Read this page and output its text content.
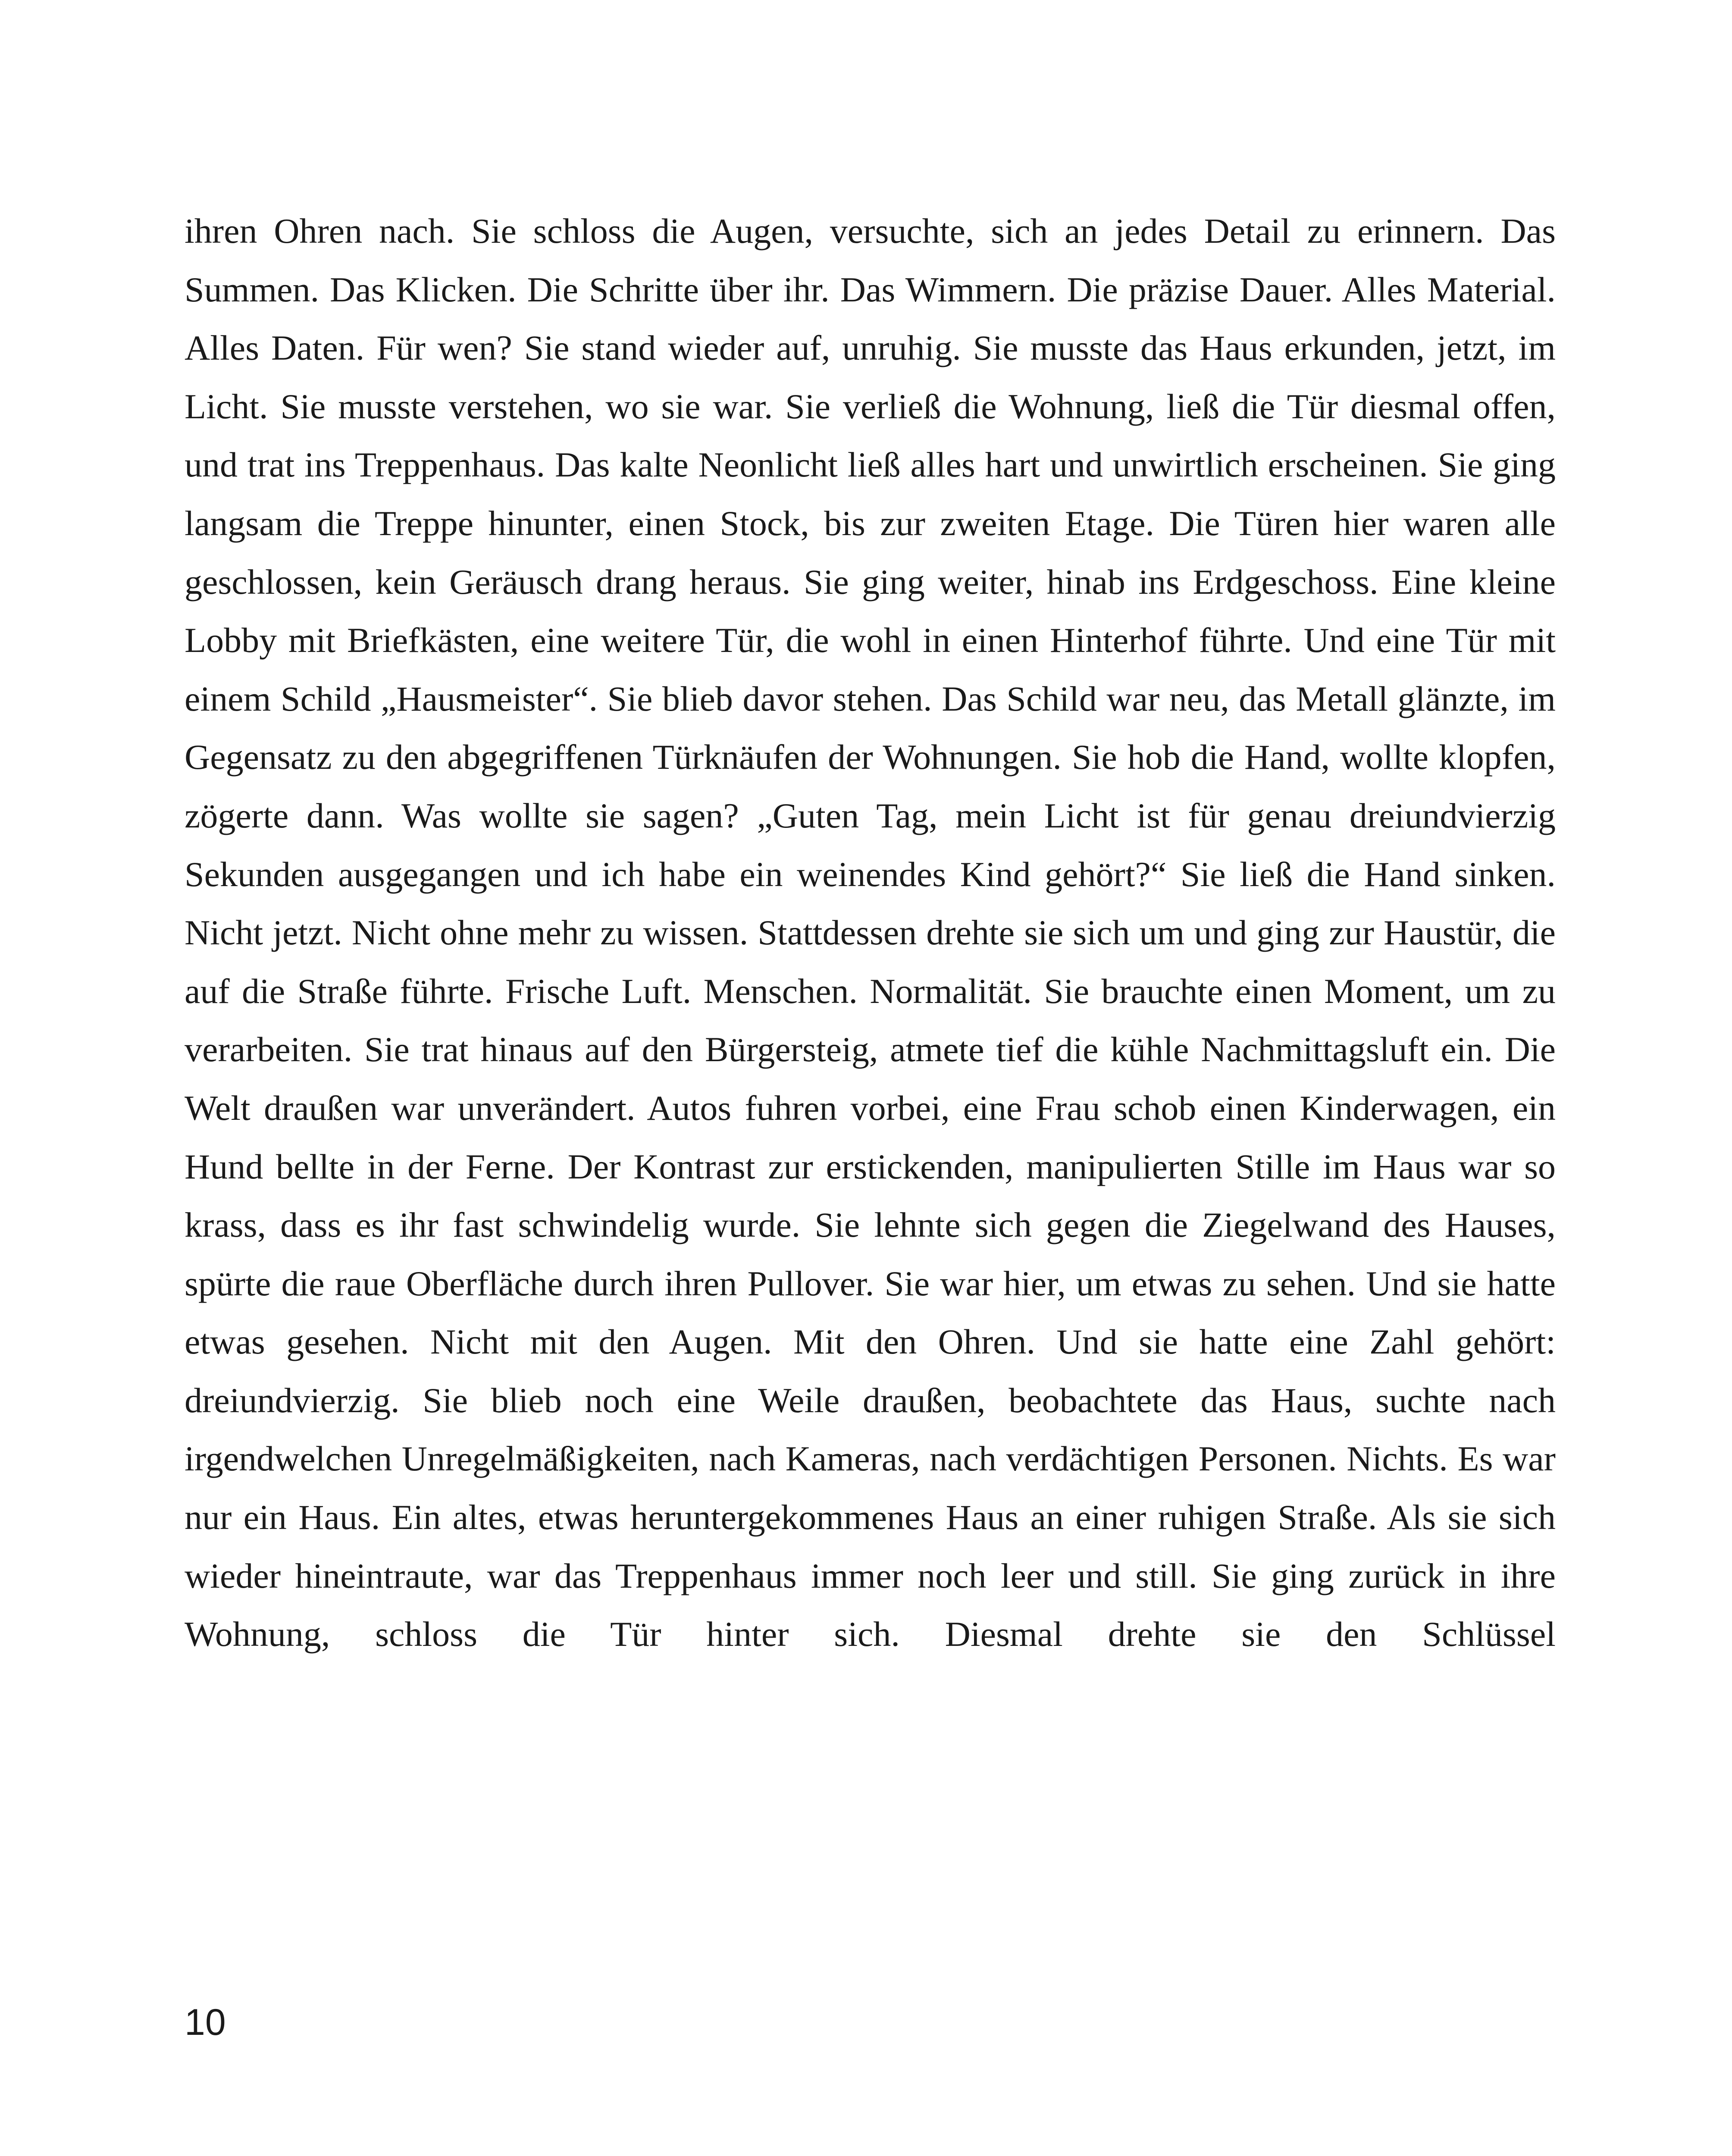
ihren Ohren nach. Sie schloss die Augen, versuchte, sich an jedes Detail zu erinnern. Das Summen. Das Klicken. Die Schritte über ihr. Das Wimmern. Die präzise Dauer. Alles Material. Alles Daten. Für wen? Sie stand wieder auf, unruhig. Sie musste das Haus erkunden, jetzt, im Licht. Sie musste verstehen, wo sie war. Sie verließ die Wohnung, ließ die Tür diesmal offen, und trat ins Treppenhaus. Das kalte Neonlicht ließ alles hart und unwirtlich erscheinen. Sie ging langsam die Treppe hinunter, einen Stock, bis zur zweiten Etage. Die Türen hier waren alle geschlossen, kein Geräusch drang heraus. Sie ging weiter, hinab ins Erdgeschoss. Eine kleine Lobby mit Briefkästen, eine weitere Tür, die wohl in einen Hinterhof führte. Und eine Tür mit einem Schild „Hausmeister“. Sie blieb davor stehen. Das Schild war neu, das Metall glänzte, im Gegensatz zu den abgegriffenen Türknäufen der Wohnungen. Sie hob die Hand, wollte klopfen, zögerte dann. Was wollte sie sagen? „Guten Tag, mein Licht ist für genau dreiundvierzig Sekunden ausgegangen und ich habe ein weinendes Kind gehört?“ Sie ließ die Hand sinken. Nicht jetzt. Nicht ohne mehr zu wissen. Stattdessen drehte sie sich um und ging zur Haustür, die auf die Straße führte. Frische Luft. Menschen. Normalität. Sie brauchte einen Moment, um zu verarbeiten. Sie trat hinaus auf den Bürgersteig, atmete tief die kühle Nachmittagsluft ein. Die Welt draußen war unverändert. Autos fuhren vorbei, eine Frau schob einen Kinderwagen, ein Hund bellte in der Ferne. Der Kontrast zur erstickenden, manipulierten Stille im Haus war so krass, dass es ihr fast schwindelig wurde. Sie lehnte sich gegen die Ziegelwand des Hauses, spürte die raue Oberfläche durch ihren Pullover. Sie war hier, um etwas zu sehen. Und sie hatte etwas gesehen. Nicht mit den Augen. Mit den Ohren. Und sie hatte eine Zahl gehört: dreiundvierzig. Sie blieb noch eine Weile draußen, beobachtete das Haus, suchte nach irgendwelchen Unregelmäßigkeiten, nach Kameras, nach verdächtigen Personen. Nichts. Es war nur ein Haus. Ein altes, etwas heruntergekommenes Haus an einer ruhigen Straße. Als sie sich wieder hineintraute, war das Treppenhaus immer noch leer und still. Sie ging zurück in ihre Wohnung, schloss die Tür hinter sich. Diesmal drehte sie den Schlüssel

10
